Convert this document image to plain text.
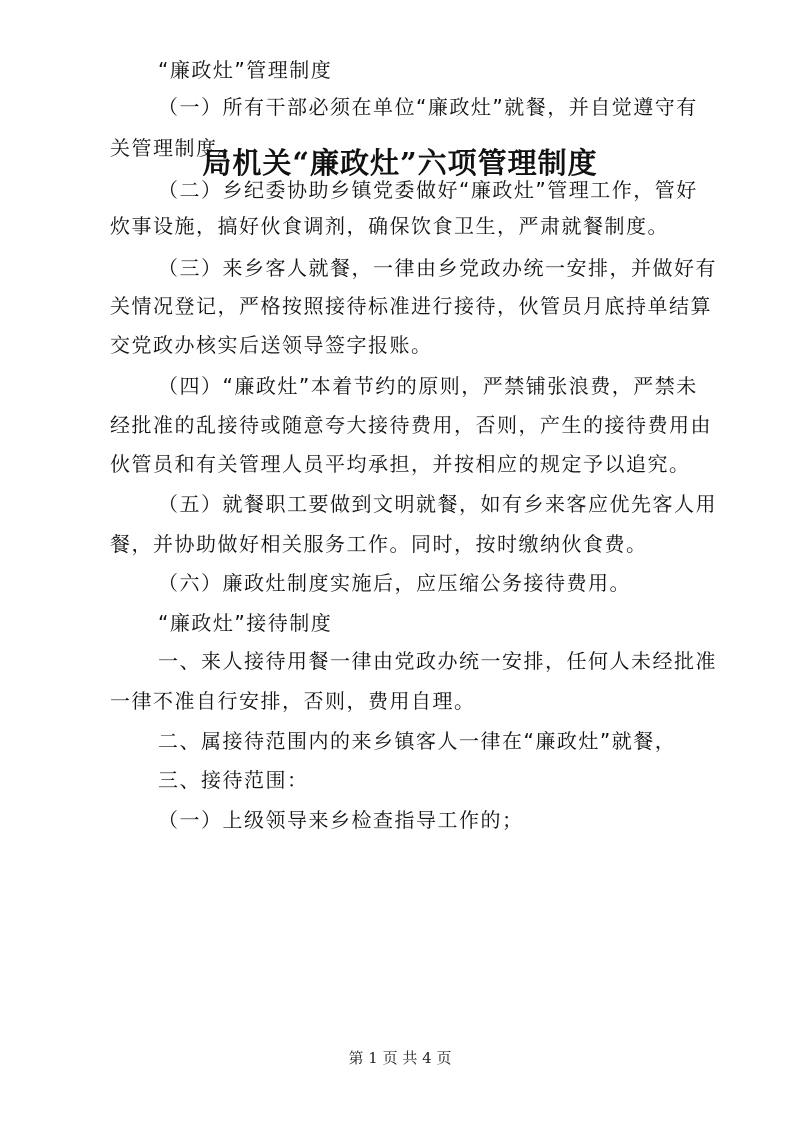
局机关“廉政灶”六项管理制度
“廉政灶”管理制度
（一）所有干部必须在单位“廉政灶”就餐，并自觉遵守有
关管理制度。
（二）乡纪委协助乡镇党委做好“廉政灶”管理工作，管好
炊事设施，搞好伙食调剂，确保饮食卫生，严肃就餐制度。
（三）来乡客人就餐，一律由乡党政办统一安排，并做好有
关情况登记，严格按照接待标准进行接待，伙管员月底持单结算
交党政办核实后送领导签字报账。
（四）“廉政灶”本着节约的原则，严禁铺张浪费，严禁未
经批准的乱接待或随意夸大接待费用，否则，产生的接待费用由
伙管员和有关管理人员平均承担，并按相应的规定予以追究。
（五）就餐职工要做到文明就餐，如有乡来客应优先客人用
餐，并协助做好相关服务工作。同时，按时缴纳伙食费。
（六）廉政灶制度实施后，应压缩公务接待费用。
“廉政灶”接待制度
一、来人接待用餐一律由党政办统一安排，任何人未经批准
一律不准自行安排，否则，费用自理。
二、属接待范围内的来乡镇客人一律在“廉政灶”就餐，
三、接待范围：
（一）上级领导来乡检查指导工作的；
第 1 页 共 4 页
